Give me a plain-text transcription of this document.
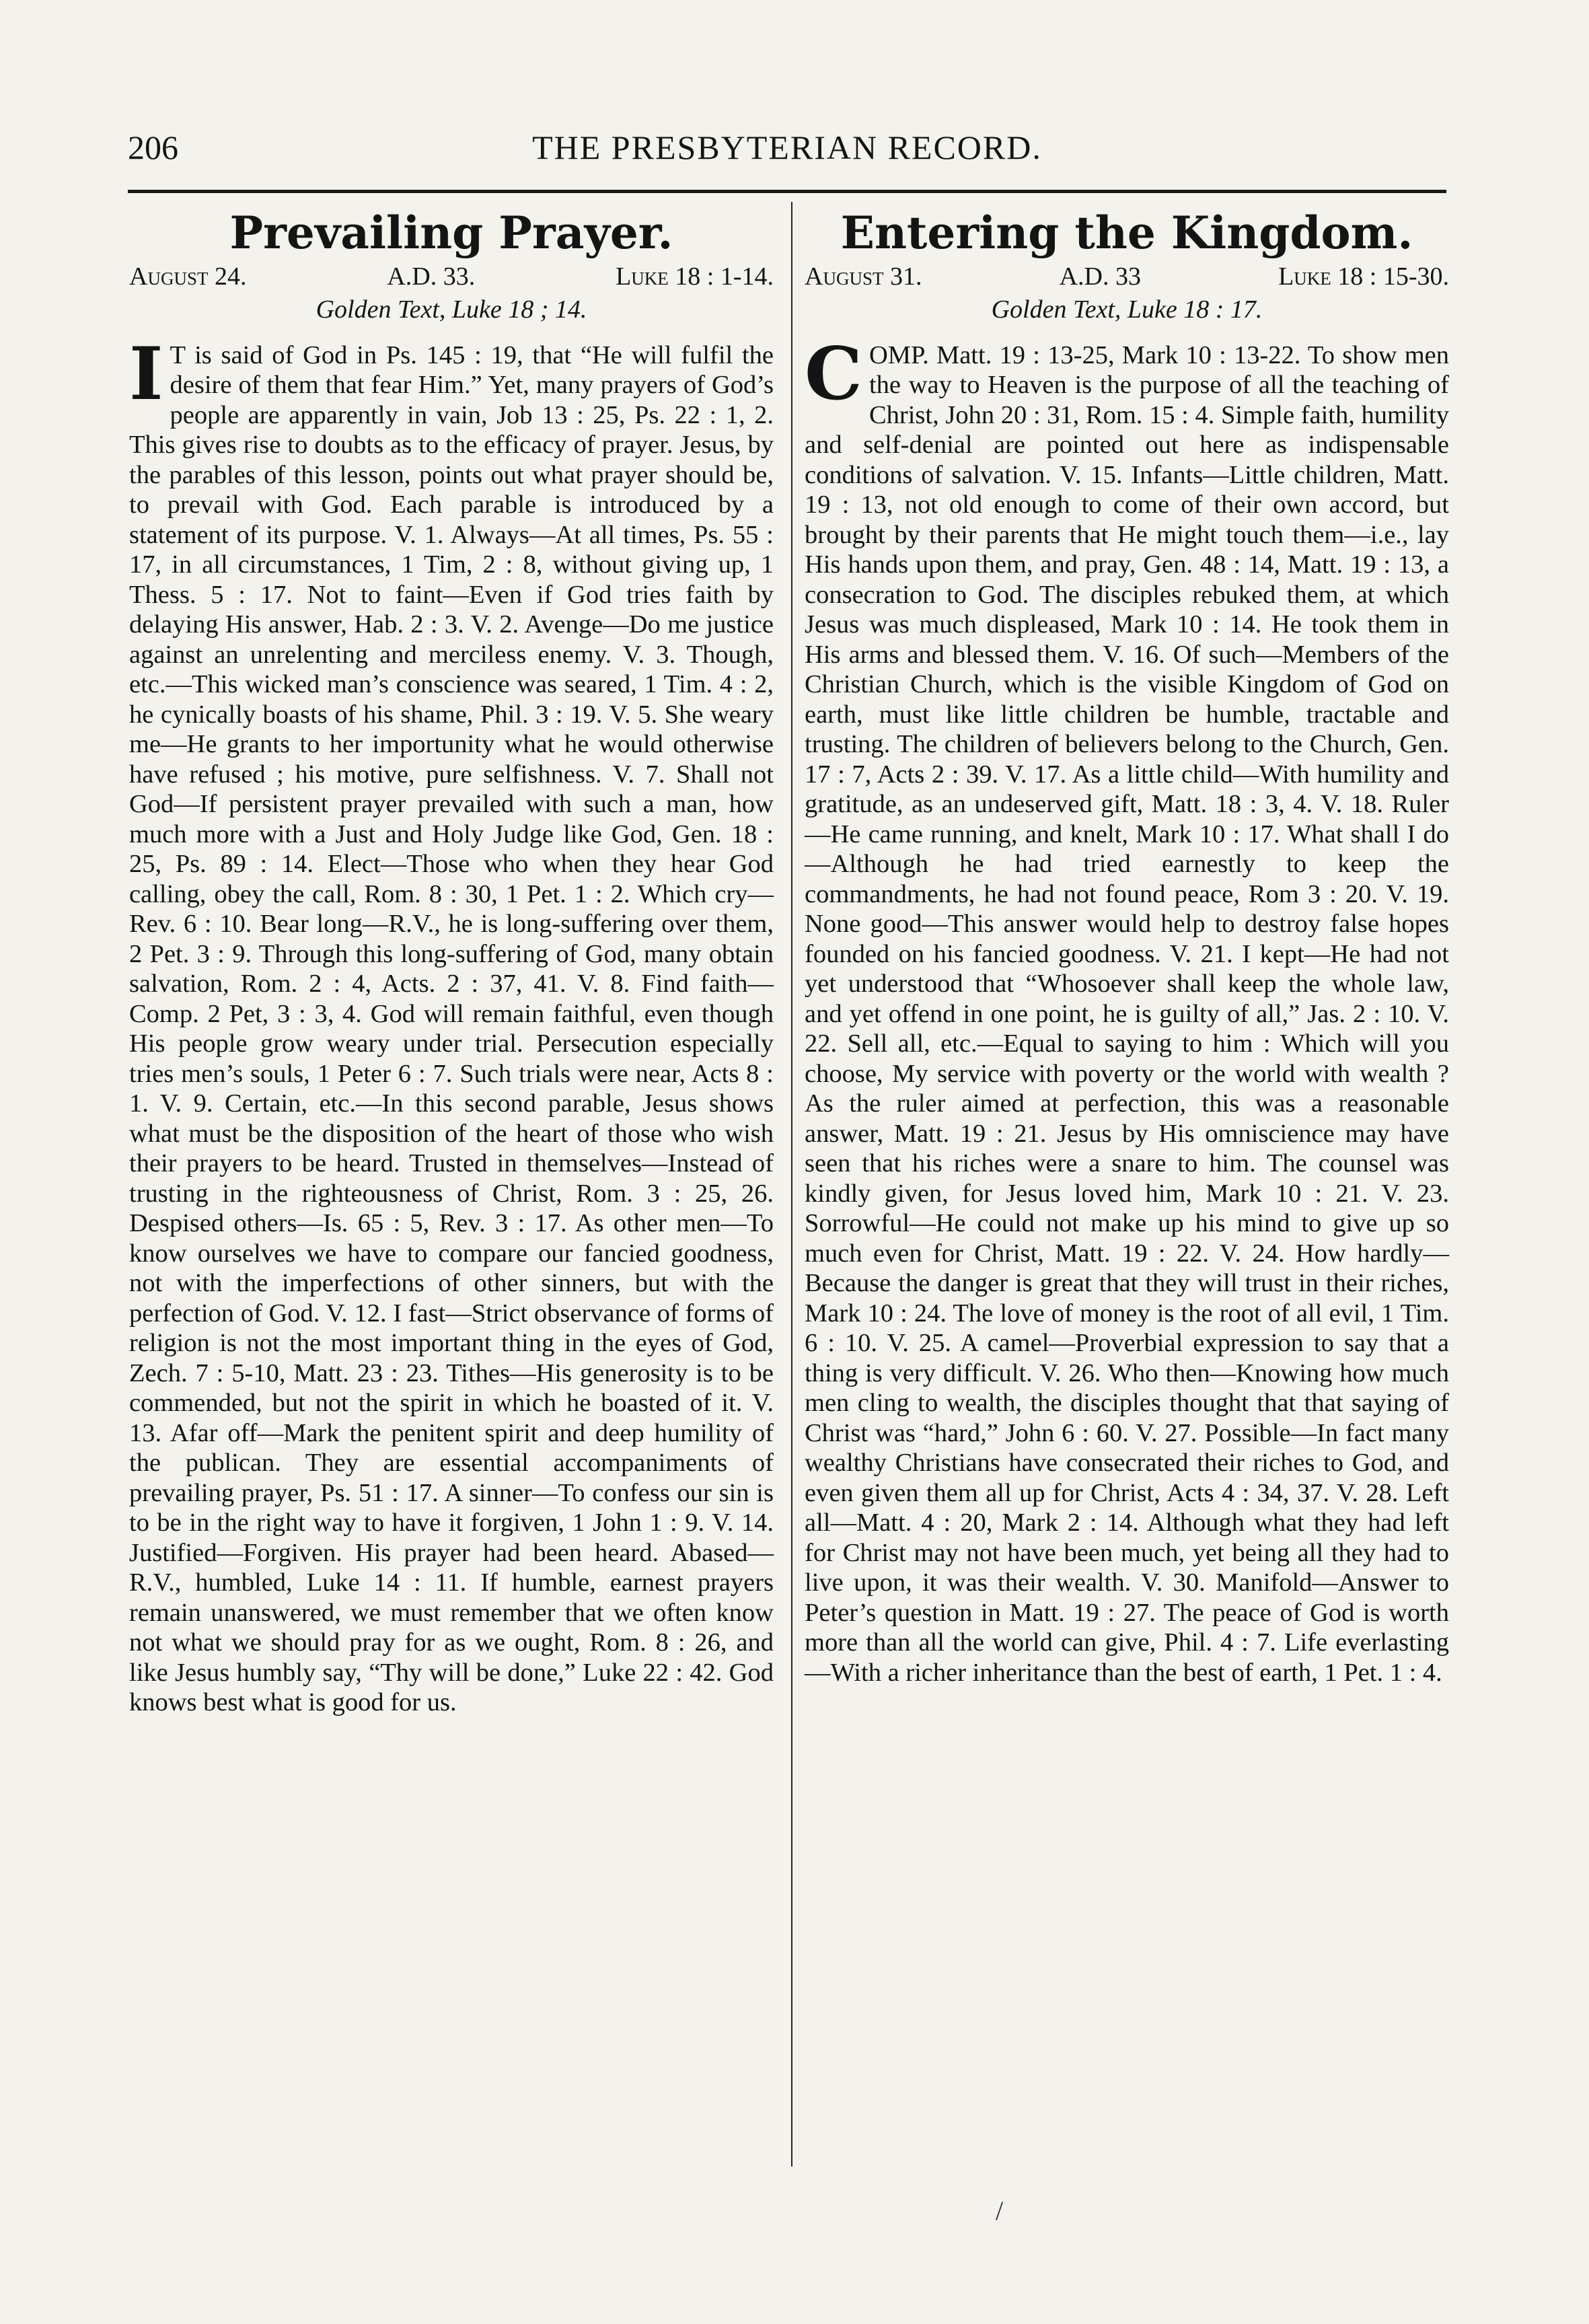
206	THE PRESBYTERIAN RECORD.
Prevailing Prayer.
August 24.	A.D. 33.	Luke 18 : 1-14.
Golden Text, Luke 18 ; 14.

I T is said of God in Ps. 145 : 19, that “He will fulfil the desire of them that fear Him.” Yet, many prayers of God’s people are apparently in vain, Job 13 : 25, Ps. 22 : 1, 2. This gives rise to doubts as to the efficacy of prayer. Jesus, by the parables of this lesson, points out what prayer should be, to prevail with God. Each parable is introduced by a statement of its purpose. V. 1. Always—At all times, Ps. 55 : 17, in all circumstances, 1 Tim, 2 : 8, without giving up, 1 Thess. 5 : 17. Not to faint—Even if God tries faith by delaying His answer, Hab. 2 : 3. V. 2. Avenge—Do me justice against an unrelenting and merciless enemy. V. 3. Though, etc.—This wicked man’s conscience was seared, 1 Tim. 4 : 2, he cynically boasts of his shame, Phil. 3 : 19. V. 5. She weary me—He grants to her importunity what he would otherwise have refused ; his motive, pure selfishness. V. 7. Shall not God—If persistent prayer prevailed with such a man, how much more with a Just and Holy Judge like God, Gen. 18 : 25, Ps. 89 : 14. Elect—Those who when they hear God calling, obey the call, Rom. 8 : 30, 1 Pet. 1 : 2. Which cry—Rev. 6 : 10. Bear long—R.V., he is long-suffering over them, 2 Pet. 3 : 9. Through this long-suffering of God, many obtain salvation, Rom. 2 : 4, Acts. 2 : 37, 41. V. 8. Find faith—Comp. 2 Pet, 3 : 3, 4. God will remain faithful, even though His people grow weary under trial. Persecution especially tries men’s souls, 1 Peter 6 : 7. Such trials were near, Acts 8 : 1. V. 9. Certain, etc.—In this second parable, Jesus shows what must be the disposition of the heart of those who wish their prayers to be heard. Trusted in themselves—Instead of trusting in the righteousness of Christ, Rom. 3 : 25, 26. Despised others—Is. 65 : 5, Rev. 3 : 17. As other men—To know ourselves we have to compare our fancied goodness, not with the imperfections of other sinners, but with the perfection of God. V. 12. I fast—Strict observance of forms of religion is not the most important thing in the eyes of God, Zech. 7 : 5-10, Matt. 23 : 23. Tithes—His generosity is to be commended, but not the spirit in which he boasted of it. V. 13. Afar off—Mark the penitent spirit and deep humility of the publican. They are essential accompaniments of prevailing prayer, Ps. 51 : 17. A sinner—To confess our sin is to be in the right way to have it forgiven, 1 John 1 : 9. V. 14. Justified—Forgiven. His prayer had been heard. Abased—R.V., humbled, Luke 14 : 11. If humble, earnest prayers remain unanswered, we must remember that we often know not what we should pray for as we ought, Rom. 8 : 26, and like Jesus humbly say, “Thy will be done,” Luke 22 : 42. God knows best what is good for us.

Entering the Kingdom.
August 31.	A.D. 33	Luke 18 : 15-30.
Golden Text, Luke 18 : 17.

COMP. Matt. 19 : 13-25, Mark 10 : 13-22. To show men the way to Heaven is the purpose of all the teaching of Christ, John 20 : 31, Rom. 15 : 4. Simple faith, humility and self-denial are pointed out here as indispensable conditions of salvation. V. 15. Infants—Little children, Matt. 19 : 13, not old enough to come of their own accord, but brought by their parents that He might touch them—i.e., lay His hands upon them, and pray, Gen. 48 : 14, Matt. 19 : 13, a consecration to God. The disciples rebuked them, at which Jesus was much displeased, Mark 10 : 14. He took them in His arms and blessed them. V. 16. Of such—Members of the Christian Church, which is the visible Kingdom of God on earth, must like little children be humble, tractable and trusting. The children of believers belong to the Church, Gen. 17 : 7, Acts 2 : 39. V. 17. As a little child—With humility and gratitude, as an undeserved gift, Matt. 18 : 3, 4. V. 18. Ruler—He came running, and knelt, Mark 10 : 17. What shall I do—Although he had tried earnestly to keep the commandments, he had not found peace, Rom 3 : 20. V. 19. None good—This answer would help to destroy false hopes founded on his fancied goodness. V. 21. I kept—He had not yet understood that “Whosoever shall keep the whole law, and yet offend in one point, he is guilty of all,” Jas. 2 : 10. V. 22. Sell all, etc.—Equal to saying to him : Which will you choose, My service with poverty or the world with wealth ? As the ruler aimed at perfection, this was a reasonable answer, Matt. 19 : 21. Jesus by His omniscience may have seen that his riches were a snare to him. The counsel was kindly given, for Jesus loved him, Mark 10 : 21. V. 23. Sorrowful—He could not make up his mind to give up so much even for Christ, Matt. 19 : 22. V. 24. How hardly—Because the danger is great that they will trust in their riches, Mark 10 : 24. The love of money is the root of all evil, 1 Tim. 6 : 10. V. 25. A camel—Proverbial expression to say that a thing is very difficult. V. 26. Who then—Knowing how much men cling to wealth, the disciples thought that that saying of Christ was “hard,” John 6 : 60. V. 27. Possible—In fact many wealthy Christians have consecrated their riches to God, and even given them all up for Christ, Acts 4 : 34, 37. V. 28. Left all—Matt. 4 : 20, Mark 2 : 14. Although what they had left for Christ may not have been much, yet being all they had to live upon, it was their wealth. V. 30. Manifold—Answer to Peter’s question in Matt. 19 : 27. The peace of God is worth more than all the world can give, Phil. 4 : 7. Life everlasting—With a richer inheritance than the best of earth, 1 Pet. 1 : 4.

/
